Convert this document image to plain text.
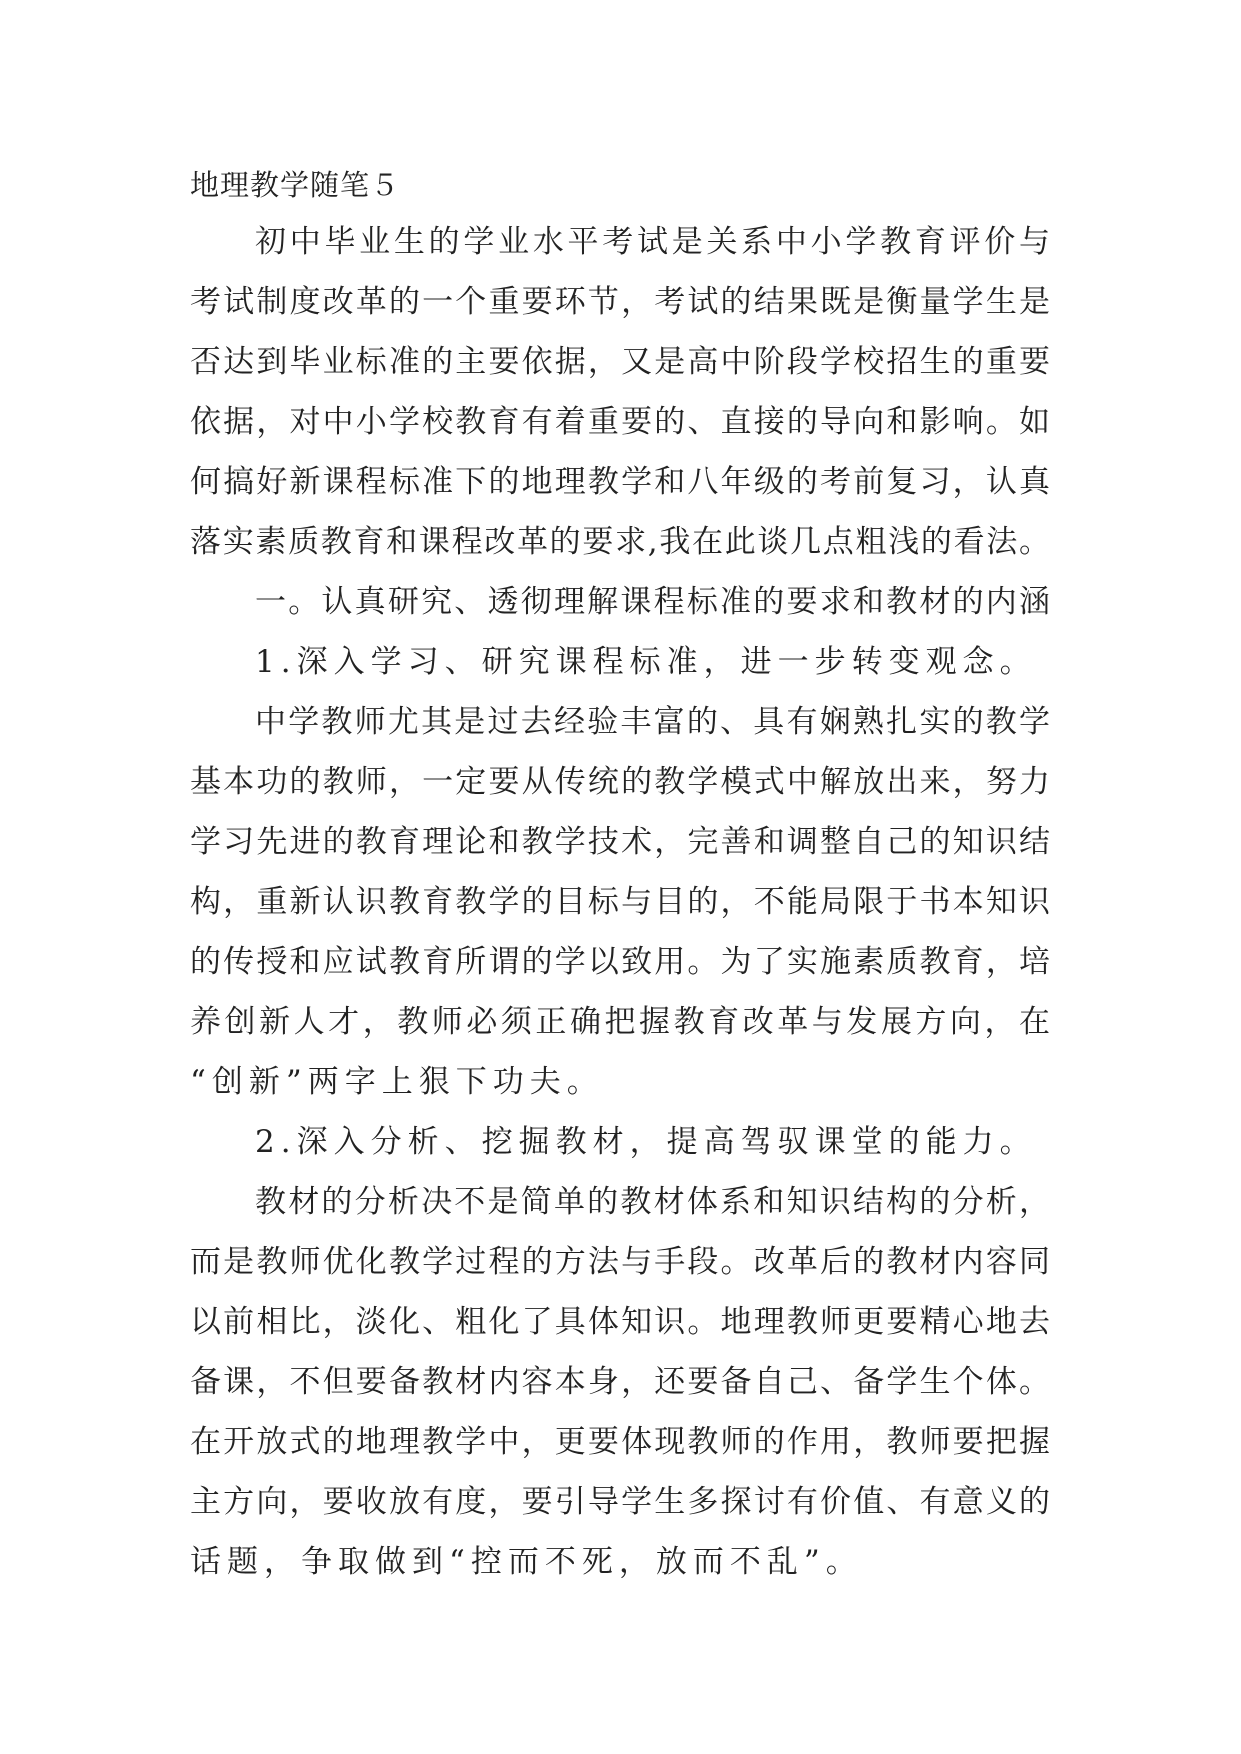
地理教学随笔５
初中毕业生的学业水平考试是关系中小学教育评价与
考试制度改革的一个重要环节，考试的结果既是衡量学生是
否达到毕业标准的主要依据，又是高中阶段学校招生的重要
依据，对中小学校教育有着重要的、直接的导向和影响。如
何搞好新课程标准下的地理教学和八年级的考前复习，认真
落实素质教育和课程改革的要求,我在此谈几点粗浅的看法。
一。认真研究、透彻理解课程标准的要求和教材的内涵
1.深入学习、研究课程标准，进一步转变观念。
中学教师尤其是过去经验丰富的、具有娴熟扎实的教学
基本功的教师，一定要从传统的教学模式中解放出来，努力
学习先进的教育理论和教学技术，完善和调整自己的知识结
构，重新认识教育教学的目标与目的，不能局限于书本知识
的传授和应试教育所谓的学以致用。为了实施素质教育，培
养创新人才，教师必须正确把握教育改革与发展方向，在
“创新”两字上狠下功夫。
2.深入分析、挖掘教材，提高驾驭课堂的能力。
教材的分析决不是简单的教材体系和知识结构的分析，
而是教师优化教学过程的方法与手段。改革后的教材内容同
以前相比，淡化、粗化了具体知识。地理教师更要精心地去
备课，不但要备教材内容本身，还要备自己、备学生个体。
在开放式的地理教学中，更要体现教师的作用，教师要把握
主方向，要收放有度，要引导学生多探讨有价值、有意义的
话题，争取做到“控而不死，放而不乱”。
